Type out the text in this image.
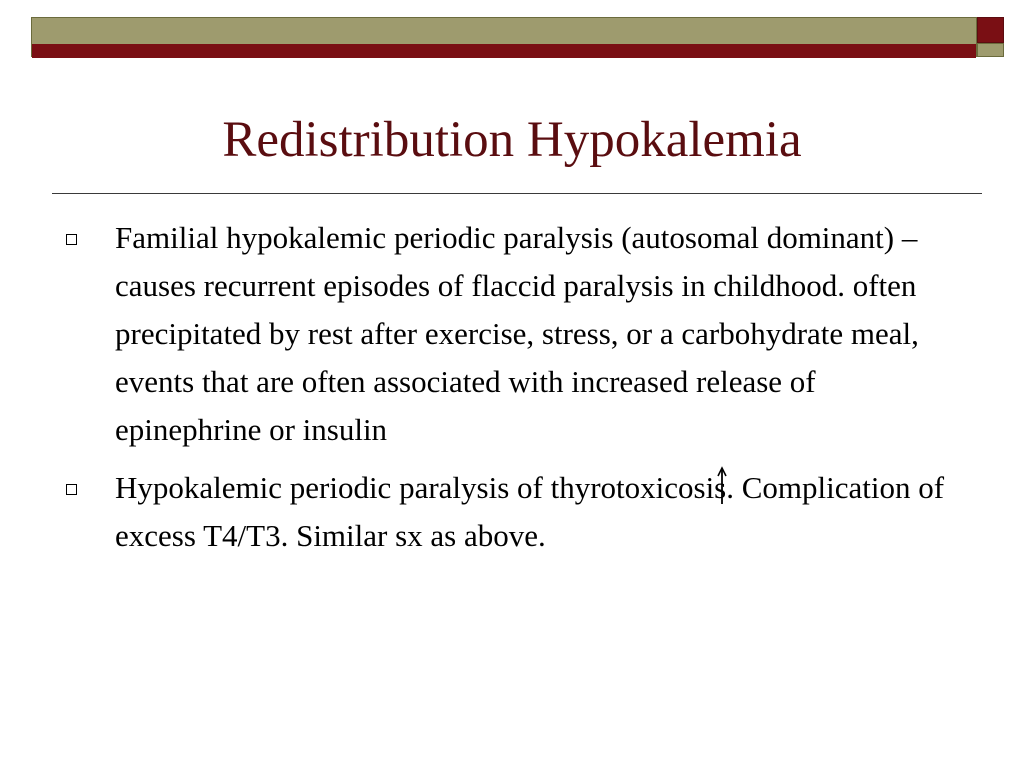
Redistribution Hypokalemia
Familial hypokalemic periodic paralysis (autosomal dominant) – causes recurrent episodes of flaccid paralysis in childhood. often precipitated by rest after exercise, stress, or a carbohydrate meal, events that are often associated with increased release of epinephrine or insulin
Hypokalemic periodic paralysis of thyrotoxicosis. Complication of excess T4/T3. Similar sx as above.
